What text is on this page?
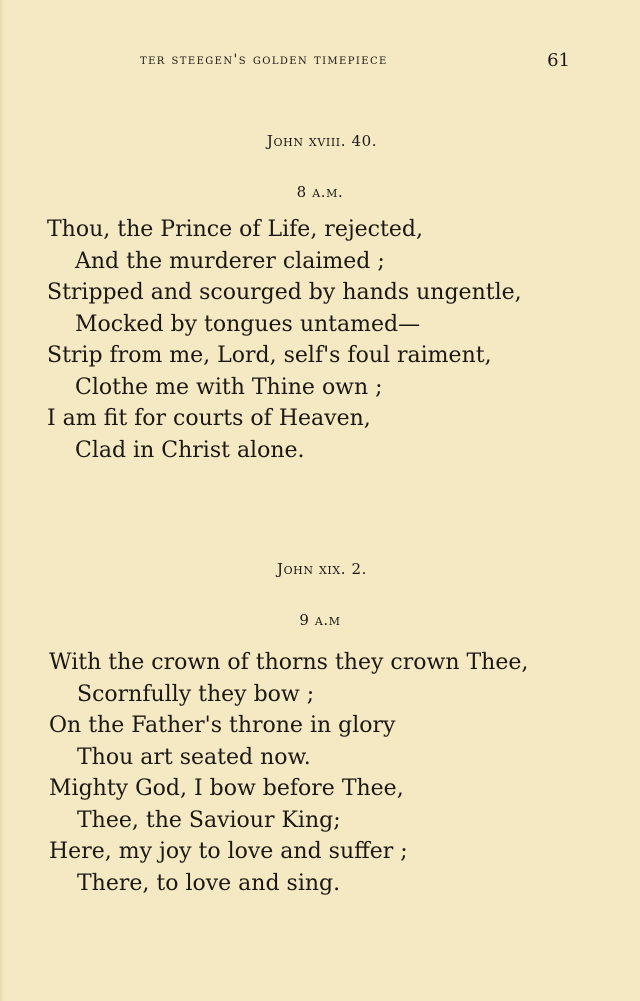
ter steegen's golden timepiece	61
John xviii. 40.
8 a.m.
Thou, the Prince of Life, rejected,
And the murderer claimed ;
Stripped and scourged by hands ungentle,
Mocked by tongues untamed—
Strip from me, Lord, self's foul raiment,
Clothe me with Thine own ;
I am fit for courts of Heaven,
Clad in Christ alone.
John xix. 2.
9 a.m
With the crown of thorns they crown Thee,
Scornfully they bow ;
On the Father's throne in glory
Thou art seated now.
Mighty God, I bow before Thee,
Thee, the Saviour King;
Here, my joy to love and suffer ;
There, to love and sing.
